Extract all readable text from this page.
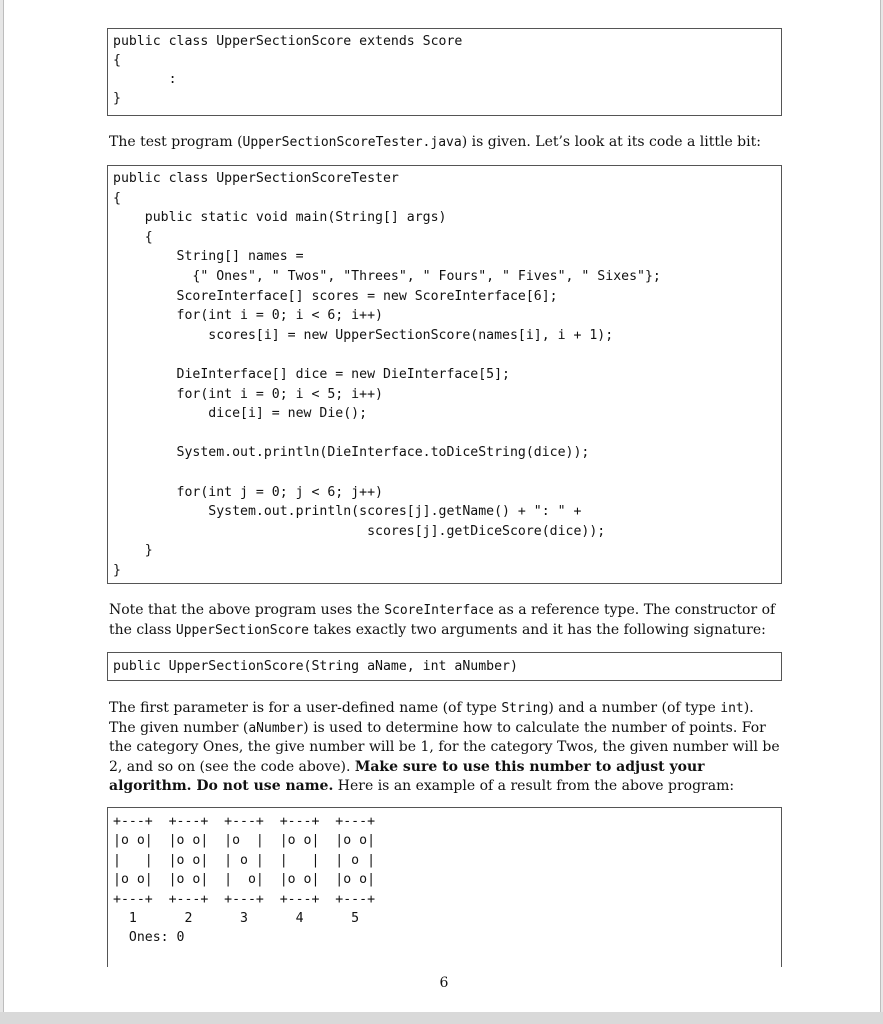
public class UpperSectionScore extends Score
{
:
}

The test program (UpperSectionScoreTester.java) is given. Let’s look at its code a little bit:

public class UpperSectionScoreTester
{
public static void main(String[] args)
{
String[] names =
{" Ones", " Twos", "Threes", " Fours", " Fives", " Sixes"};
ScoreInterface[] scores = new ScoreInterface[6];
for(int i = 0; i < 6; i++)
scores[i] = new UpperSectionScore(names[i], i + 1);

DieInterface[] dice = new DieInterface[5];
for(int i = 0; i < 5; i++)
dice[i] = new Die();

System.out.println(DieInterface.toDiceString(dice));

for(int j = 0; j < 6; j++)
System.out.println(scores[j].getName() + ": " +
scores[j].getDiceScore(dice));
}
}

Note that the above program uses the ScoreInterface as a reference type. The constructor of the class UpperSectionScore takes exactly two arguments and it has the following signature:

public UpperSectionScore(String aName, int aNumber)

The first parameter is for a user-defined name (of type String) and a number (of type int). The given number (aNumber) is used to determine how to calculate the number of points. For the category Ones, the give number will be 1, for the category Twos, the given number will be 2, and so on (see the code above). Make sure to use this number to adjust your algorithm. Do not use name. Here is an example of a result from the above program:

+---+  +---+  +---+  +---+  +---+
|o o|  |o o|  |o  |  |o o|  |o o|
|   |  |o o|  | o |  |   |  | o |
|o o|  |o o|  |  o|  |o o|  |o o|
+---+  +---+  +---+  +---+  +---+
1      2      3      4      5
Ones: 0
6
